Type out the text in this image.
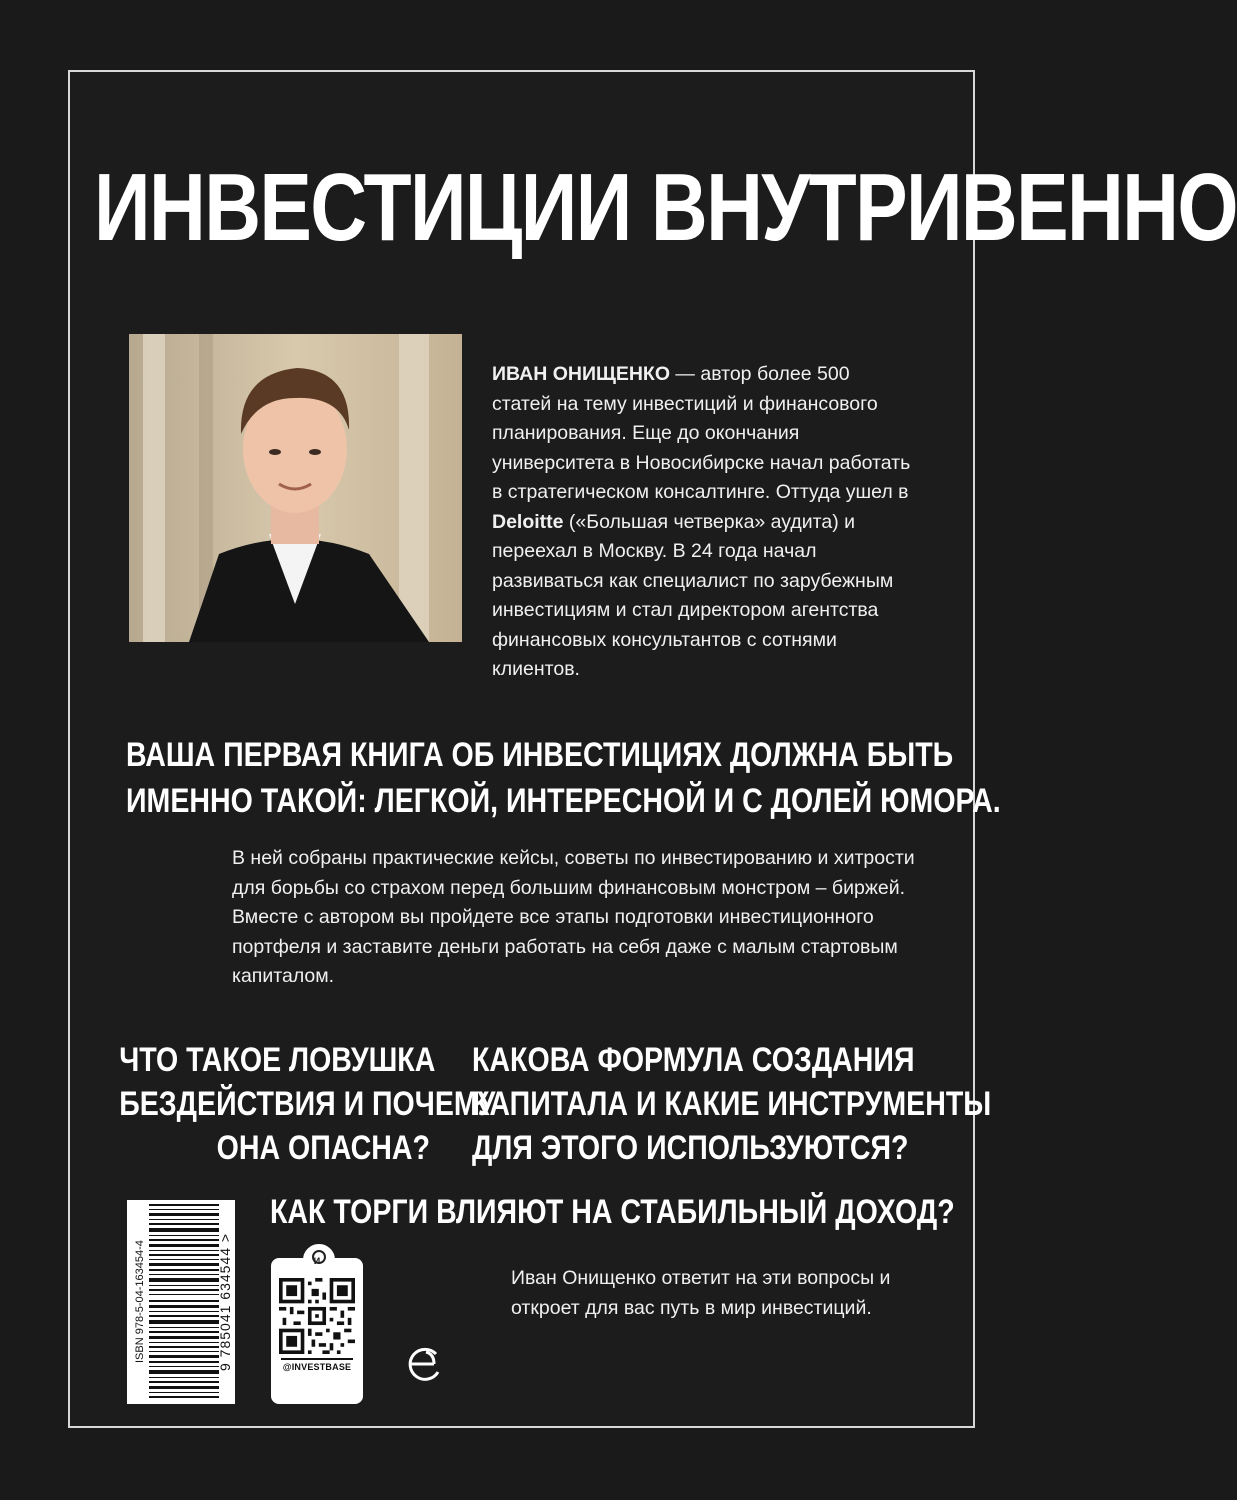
ИНВЕСТИЦИИ ВНУТРИВЕННО
ИВАН ОНИЩЕНКО — автор более 500 статей на тему инвестиций и финансового планирования. Еще до окончания университета в Новосибирске начал работать в стратегическом консалтинге. Оттуда ушел в Deloitte («Большая четверка» аудита) и переехал в Москву. В 24 года начал развиваться как специалист по зарубежным инвестициям и стал директором агентства финансовых консультантов с сотнями клиентов.
ВАША ПЕРВАЯ КНИГА ОБ ИНВЕСТИЦИЯХ ДОЛЖНА БЫТЬ
ИМЕННО ТАКОЙ: ЛЕГКОЙ, ИНТЕРЕСНОЙ И С ДОЛЕЙ ЮМОРА.
В ней собраны практические кейсы, советы по инвестированию и хитрости для борьбы со страхом перед большим финансовым монстром – биржей. Вместе с автором вы пройдете все этапы подготовки инвестиционного портфеля и заставите деньги работать на себя даже с малым стартовым капиталом.
ЧТО ТАКОЕ ЛОВУШКА
БЕЗДЕЙСТВИЯ И ПОЧЕМУ
ОНА ОПАСНА?
КАКОВА ФОРМУЛА СОЗДАНИЯ
КАПИТАЛА И КАКИЕ ИНСТРУМЕНТЫ
ДЛЯ ЭТОГО ИСПОЛЬЗУЮТСЯ?
КАК ТОРГИ ВЛИЯЮТ НА СТАБИЛЬНЫЙ ДОХОД?
Иван Онищенко ответит на эти вопросы и откроет для вас путь в мир инвестиций.
ISBN 978-5-04-163454-4	9 785041 634544 >	И
@INVESTBASE
